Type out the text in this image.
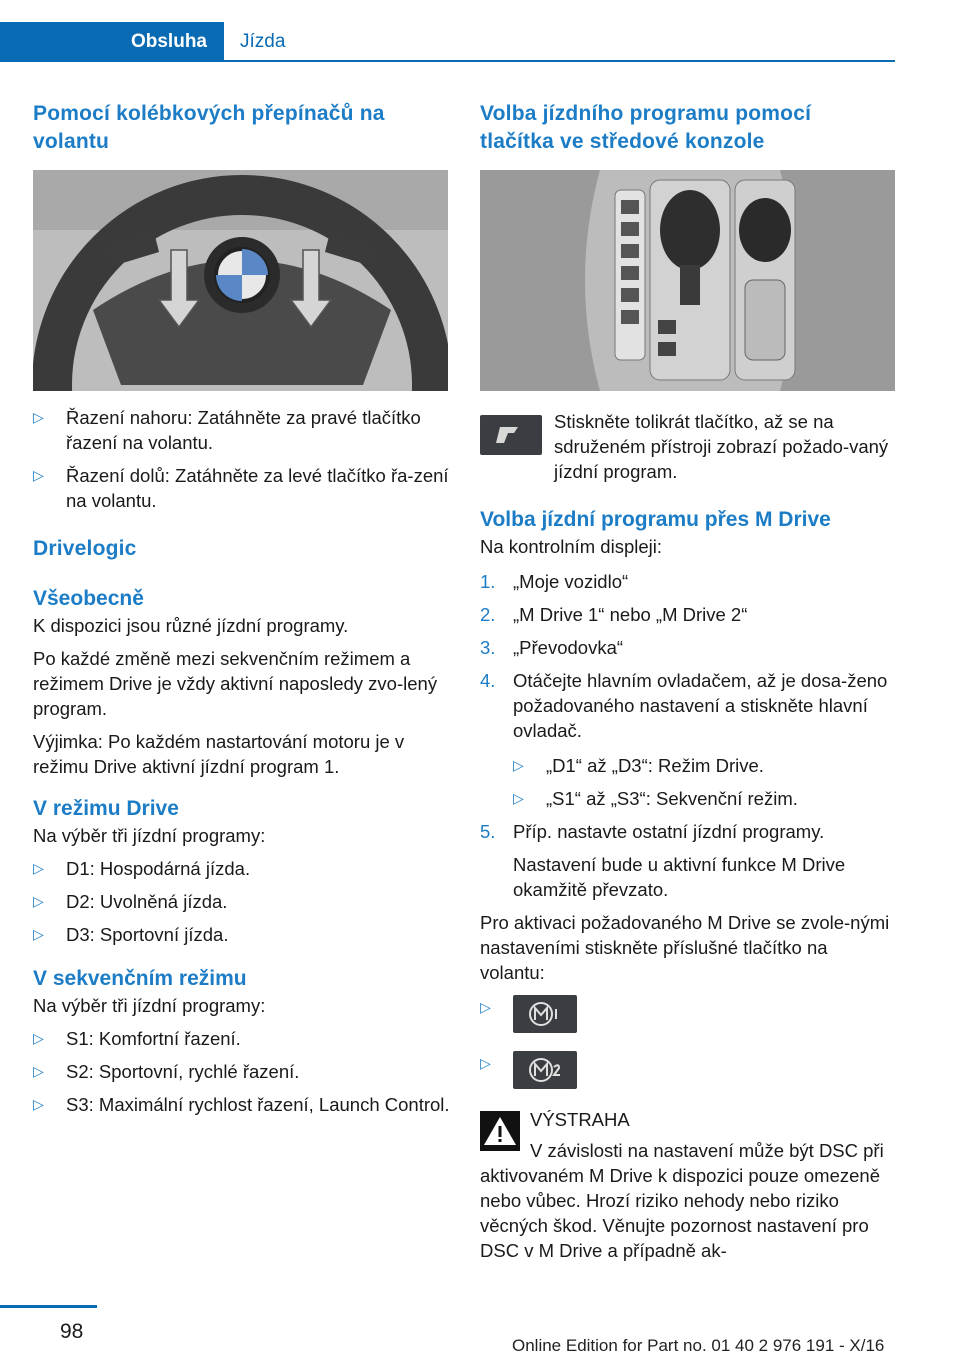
Obsluha	Jízda
Pomocí kolébkových přepínačů na volantu
▷ Řazení nahoru: Zatáhněte za pravé tlačítko řazení na volantu.
▷ Řazení dolů: Zatáhněte za levé tlačítko řa‐zení na volantu.
Drivelogic
Všeobecně

K dispozici jsou různé jízdní programy.

Po každé změně mezi sekvenčním režimem a režimem Drive je vždy aktivní naposledy zvo‐lený program.

Výjimka: Po každém nastartování motoru je v režimu Drive aktivní jízdní program 1.

V režimu Drive

Na výběr tři jízdní programy:

▷ D1: Hospodárná jízda.
▷ D2: Uvolněná jízda.
▷ D3: Sportovní jízda.
V sekvenčním režimu

Na výběr tři jízdní programy:

▷ S1: Komfortní řazení.
▷ S2: Sportovní, rychlé řazení.
▷ S3: Maximální rychlost řazení, Launch Control.
Volba jízdního programu pomocí tlačítka ve středové konzole

Stiskněte tolikrát tlačítko, až se na sdruženém přístroji zobrazí požado‐vaný jízdní program.

Volba jízdní programu přes M Drive

Na kontrolním displeji:

1. „Moje vozidlo“
2. „M Drive 1“ nebo „M Drive 2“
3. „Převodovka“
4. Otáčejte hlavním ovladačem, až je dosa‐ženo požadovaného nastavení a stiskněte hlavní ovladač.
▷ „D1“ až „D3“: Režim Drive.
▷ „S1“ až „S3“: Sekvenční režim.
5. Příp. nastavte ostatní jízdní programy.

Nastavení bude u aktivní funkce M Drive okamžitě převzato.

Pro aktivaci požadovaného M Drive se zvole‐nými nastaveními stiskněte příslušné tlačítko na volantu:

▷
▷

VÝSTRAHA

V závislosti na nastavení může být DSC při aktivovaném M Drive k dispozici pouze omezeně nebo vůbec. Hrozí riziko nehody nebo riziko věcných škod. Věnujte pozornost nastavení pro DSC v M Drive a případně ak‐

98
Online Edition for Part no. 01 40 2 976 191 - X/16
